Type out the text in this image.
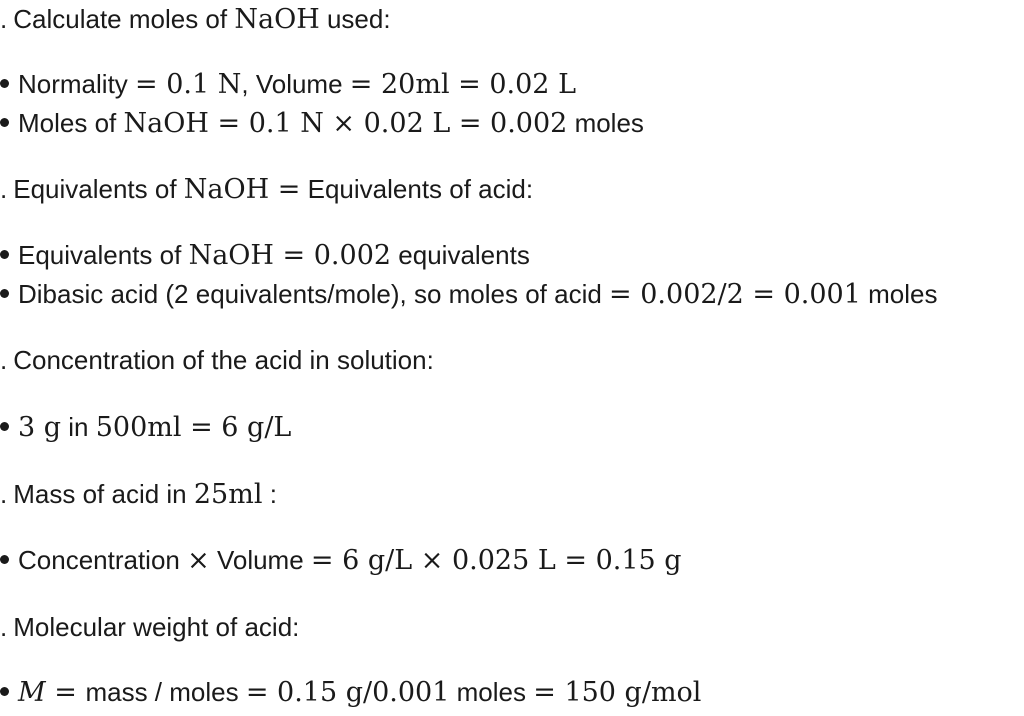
. Calculate moles of NaOH used:
Normality = 0.1 N, Volume = 20ml = 0.02 L
Moles of NaOH = 0.1 N × 0.02 L = 0.002 moles
. Equivalents of NaOH = Equivalents of acid:
Equivalents of NaOH = 0.002 equivalents
Dibasic acid (2 equivalents/mole), so moles of acid = 0.002/2 = 0.001 moles
. Concentration of the acid in solution:
3 g in 500ml = 6 g/L
. Mass of acid in 25ml :
Concentration × Volume = 6 g/L × 0.025 L = 0.15 g
. Molecular weight of acid:
M = mass / moles = 0.15 g/0.001 moles = 150 g/mol
